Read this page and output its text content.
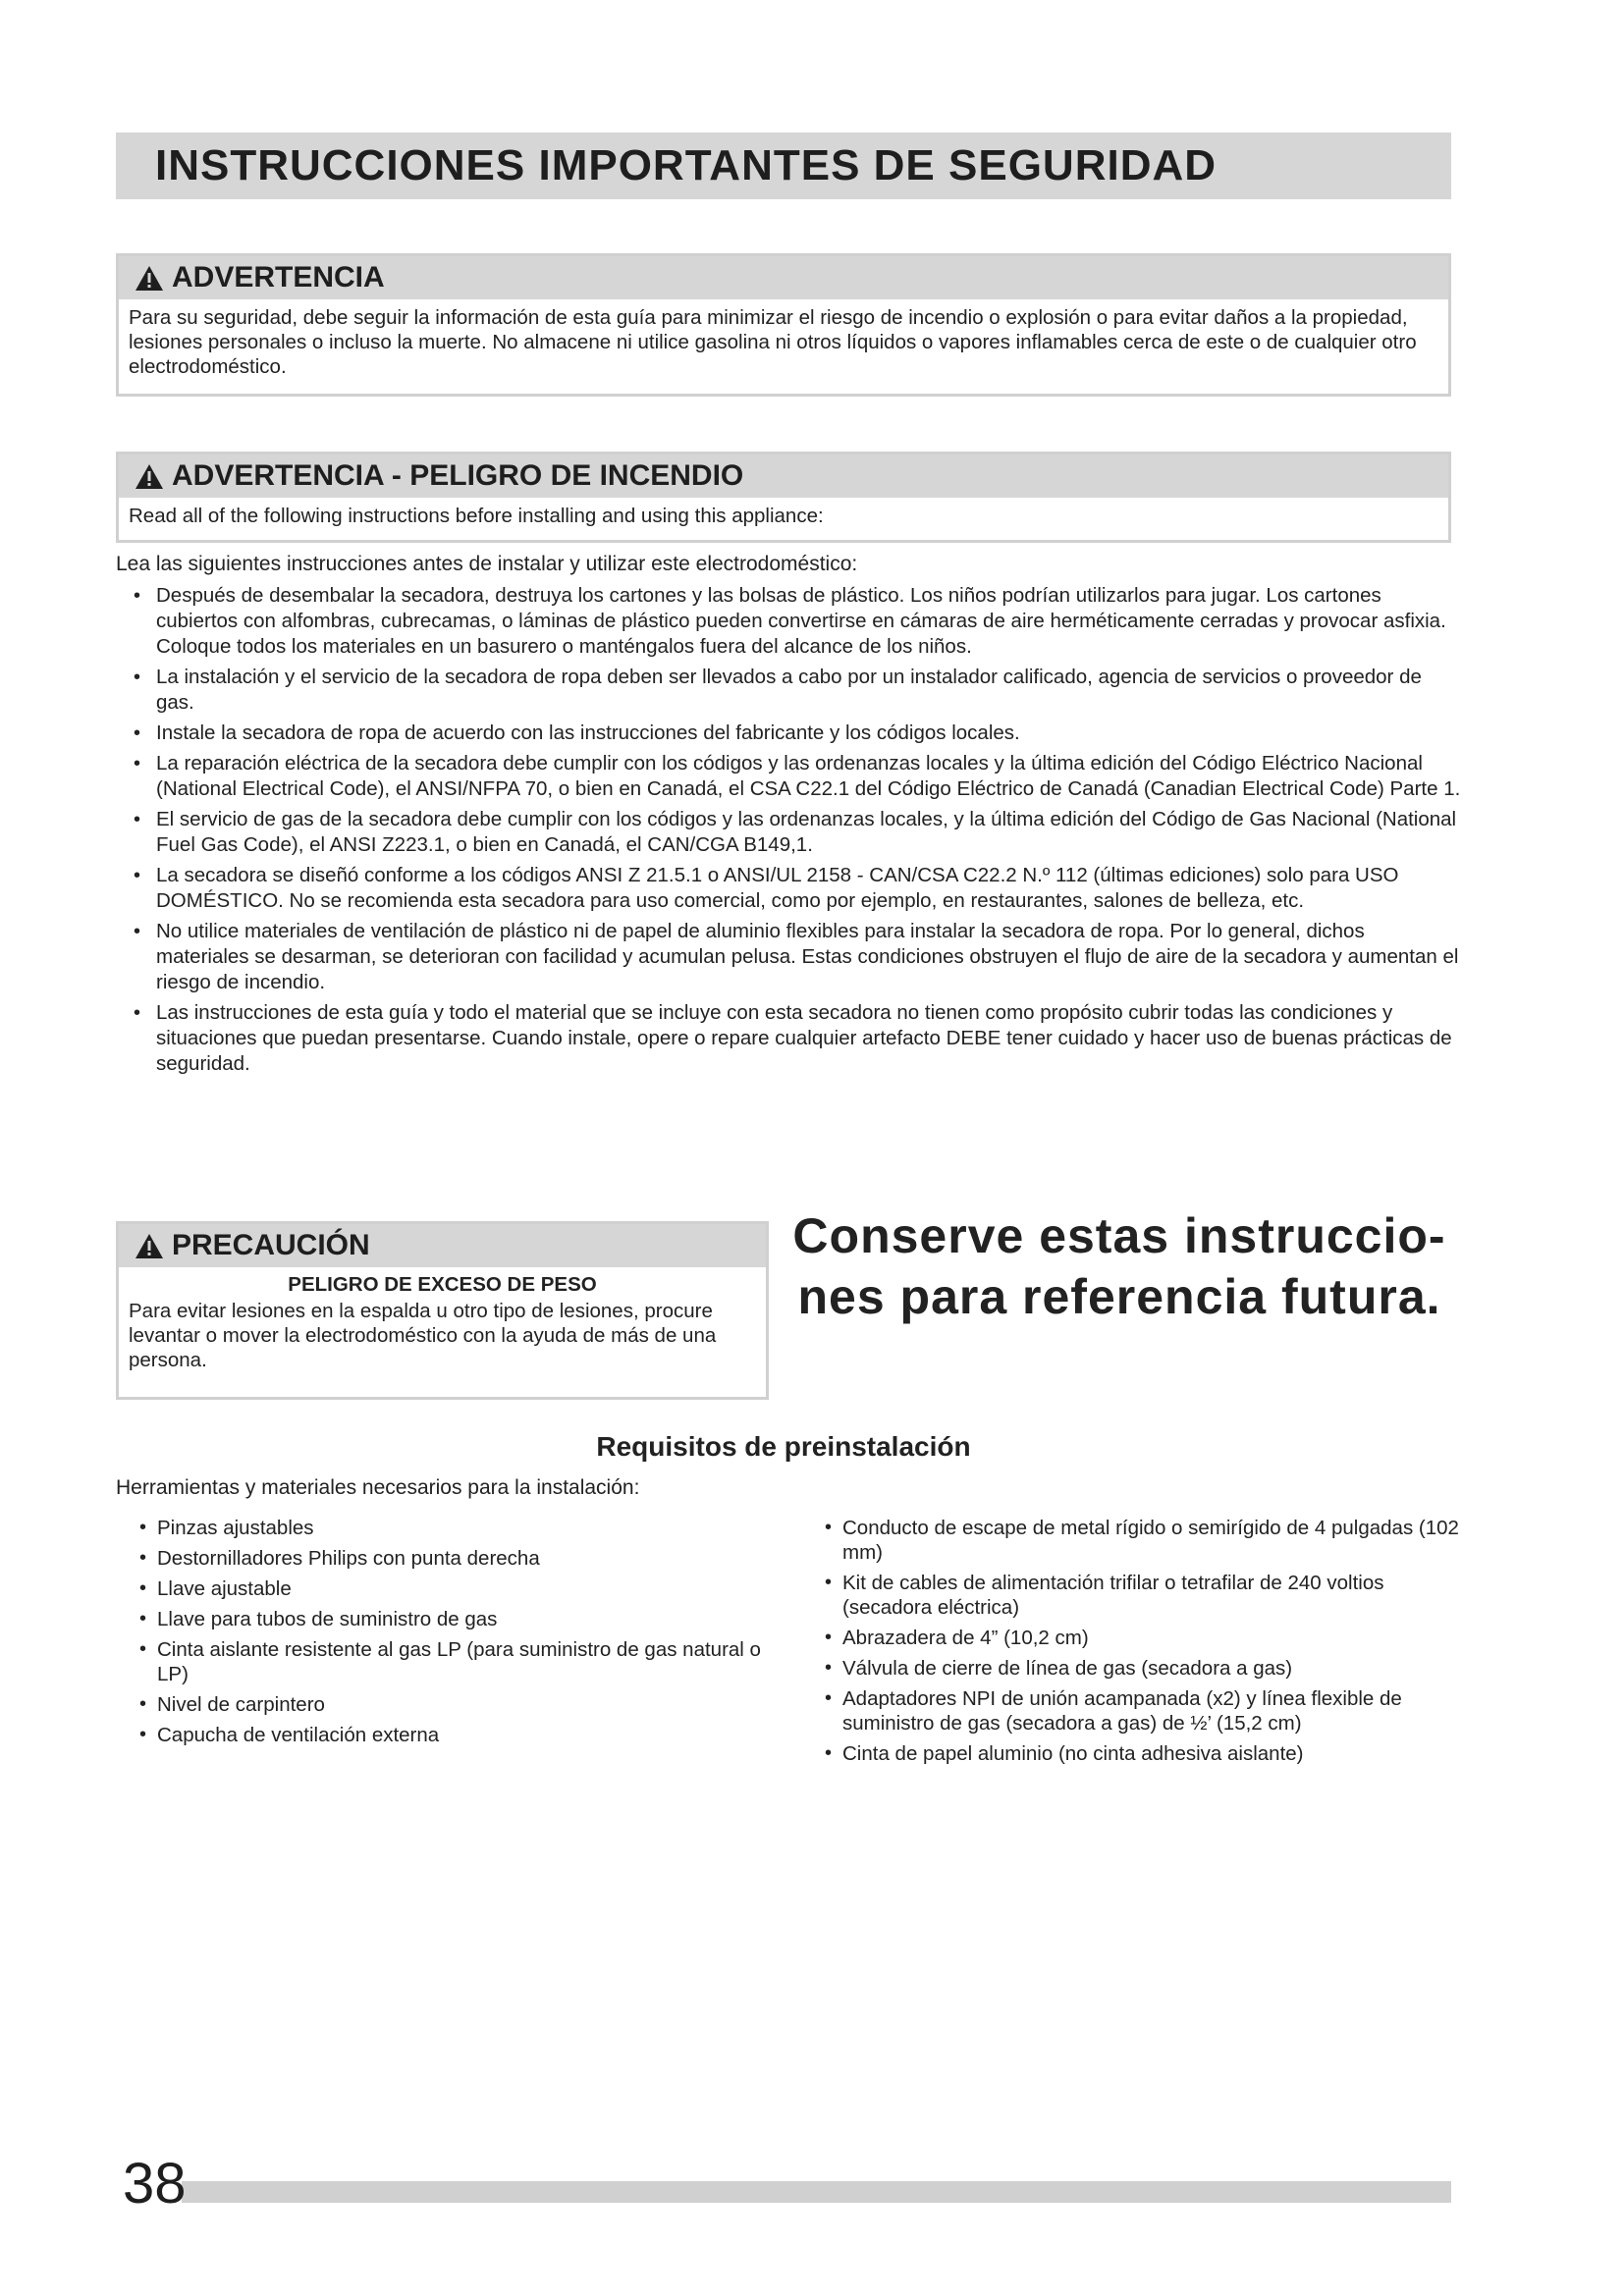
INSTRUCCIONES IMPORTANTES DE SEGURIDAD
ADVERTENCIA
Para su seguridad, debe seguir la información de esta guía para minimizar el riesgo de incendio o explosión o para evitar daños a la propiedad, lesiones personales o incluso la muerte. No almacene ni utilice gasolina ni otros líquidos o vapores inflamables cerca de este o de cualquier otro electrodoméstico.
ADVERTENCIA - PELIGRO DE INCENDIO
Read all of the following instructions before installing and using this appliance:
Lea las siguientes instrucciones antes de instalar y utilizar este electrodoméstico:
• Después de desembalar la secadora, destruya los cartones y las bolsas de plástico. Los niños podrían utilizarlos para jugar. Los cartones cubiertos con alfombras, cubrecamas, o láminas de plástico pueden convertirse en cámaras de aire herméticamente cerradas y provocar asfixia. Coloque todos los materiales en un basurero o manténgalos fuera del alcance de los niños.
• La instalación y el servicio de la secadora de ropa deben ser llevados a cabo por un instalador calificado, agencia de servicios o proveedor de gas.
• Instale la secadora de ropa de acuerdo con las instrucciones del fabricante y los códigos locales.
• La reparación eléctrica de la secadora debe cumplir con los códigos y las ordenanzas locales y la última edición del Código Eléctrico Nacional (National Electrical Code), el ANSI/NFPA 70, o bien en Canadá, el CSA C22.1 del Código Eléctrico de Canadá (Canadian Electrical Code) Parte 1.
• El servicio de gas de la secadora debe cumplir con los códigos y las ordenanzas locales, y la última edición del Código de Gas Nacional (National Fuel Gas Code), el ANSI Z223.1, o bien en Canadá, el CAN/CGA B149,1.
• La secadora se diseñó conforme a los códigos ANSI Z 21.5.1 o ANSI/UL 2158 - CAN/CSA C22.2 N.º 112 (últimas ediciones) solo para USO DOMÉSTICO. No se recomienda esta secadora para uso comercial, como por ejemplo, en restaurantes, salones de belleza, etc.
• No utilice materiales de ventilación de plástico ni de papel de aluminio flexibles para instalar la secadora de ropa. Por lo general, dichos materiales se desarman, se deterioran con facilidad y acumulan pelusa. Estas condiciones obstruyen el flujo de aire de la secadora y aumentan el riesgo de incendio.
• Las instrucciones de esta guía y todo el material que se incluye con esta secadora no tienen como propósito cubrir todas las condiciones y situaciones que puedan presentarse. Cuando instale, opere o repare cualquier artefacto DEBE tener cuidado y hacer uso de buenas prácticas de seguridad.
PRECAUCIÓN
PELIGRO DE EXCESO DE PESO
Para evitar lesiones en la espalda u otro tipo de lesiones, procure levantar o mover la electrodoméstico con la ayuda de más de una persona.
Conserve estas instruccio-
nes para referencia futura.
Requisitos de preinstalación
Herramientas y materiales necesarios para la instalación:
• Pinzas ajustables
• Destornilladores Philips con punta derecha
• Llave ajustable
• Llave para tubos de suministro de gas
• Cinta aislante resistente al gas LP (para suministro de gas natural o LP)
• Nivel de carpintero
• Capucha de ventilación externa
• Conducto de escape de metal rígido o semirígido de 4 pulgadas (102 mm)
• Kit de cables de alimentación trifilar o tetrafilar de 240 voltios (secadora eléctrica)
• Abrazadera de 4” (10,2 cm)
• Válvula de cierre de línea de gas (secadora a gas)
• Adaptadores NPI de unión acampanada (x2) y línea flexible de suministro de gas (secadora a gas) de ½’ (15,2 cm)
• Cinta de papel aluminio (no cinta adhesiva aislante)
38
